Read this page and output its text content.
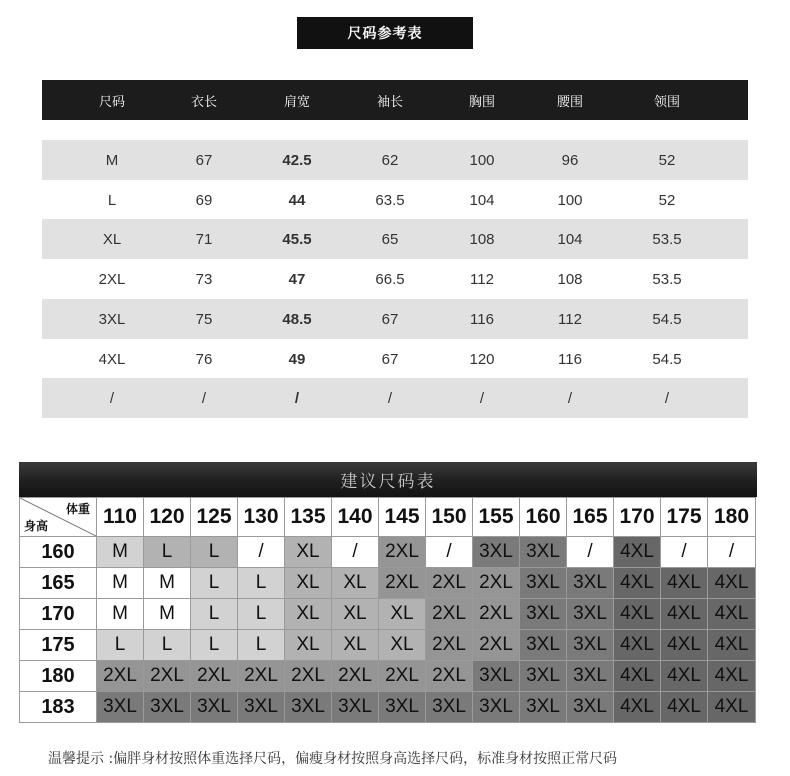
尺码参考表
尺码	衣长	肩宽	袖长	胸围	腰围	领围
M	67	42.5	62	100	96	52
L	69	44	63.5	104	100	52
XL	71	45.5	65	108	104	53.5
2XL	73	47	66.5	112	108	53.5
3XL	75	48.5	67	116	112	54.5
4XL	76	49	67	120	116	54.5
/	/	/	/	/	/	/
建议尺码表
体重
身高	110	120	125	130	135	140	145	150	155	160	165	170	175	180
160	M	L	L	/	XL	/	2XL	/	3XL	3XL	/	4XL	/	/
165	M	M	L	L	XL	XL	2XL	2XL	2XL	3XL	3XL	4XL	4XL	4XL
170	M	M	L	L	XL	XL	XL	2XL	2XL	3XL	3XL	4XL	4XL	4XL
175	L	L	L	L	XL	XL	XL	2XL	2XL	3XL	3XL	4XL	4XL	4XL
180	2XL	2XL	2XL	2XL	2XL	2XL	2XL	2XL	3XL	3XL	3XL	4XL	4XL	4XL
183	3XL	3XL	3XL	3XL	3XL	3XL	3XL	3XL	3XL	3XL	3XL	4XL	4XL	4XL
温馨提示 :偏胖身材按照体重选择尺码，偏瘦身材按照身高选择尺码，标准身材按照正常尺码
